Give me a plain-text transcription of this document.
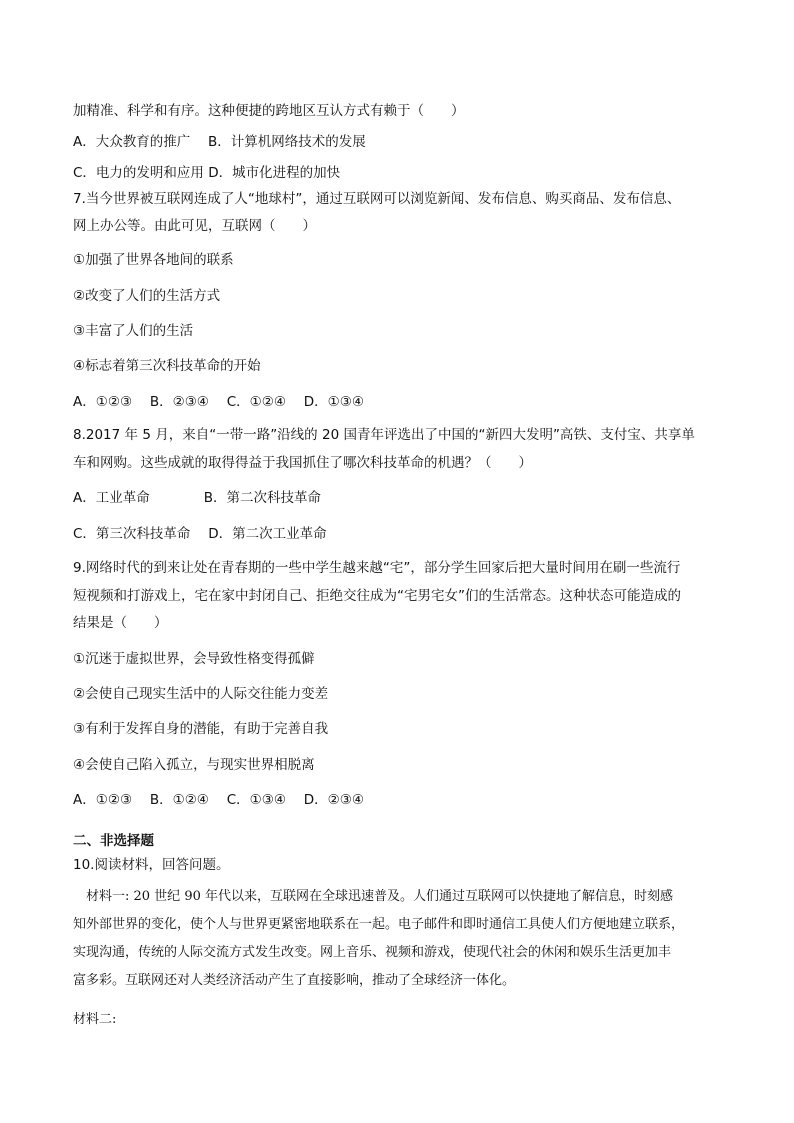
加精准、科学和有序。这种便捷的跨地区互认方式有赖于（　　）
A．大众教育的推广　 B．计算机网络技术的发展
C．电力的发明和应用 D．城市化进程的加快
7.当今世界被互联网连成了人“地球村”，通过互联网可以浏览新闻、发布信息、购买商品、发布信息、
网上办公等。由此可见，互联网（　　）
①加强了世界各地间的联系
②改变了人们的生活方式
③丰富了人们的生活
④标志着第三次科技革命的开始
A．①②③　 B．②③④　 C．①②④　 D．①③④
8.2017 年 5 月，来自“一带一路”沿线的 20 国青年评选出了中国的“新四大发明”高铁、支付宝、共享单
车和网购。这些成就的取得得益于我国抓住了哪次科技革命的机遇？（　　）
A．工业革命　　　　B．第二次科技革命
C．第三次科技革命　 D．第二次工业革命
9.网络时代的到来让处在青春期的一些中学生越来越“宅”，部分学生回家后把大量时间用在刷一些流行
短视频和打游戏上，宅在家中封闭自己、拒绝交往成为“宅男宅女”们的生活常态。这种状态可能造成的
结果是（　　）
①沉迷于虚拟世界，会导致性格变得孤僻
②会使自己现实生活中的人际交往能力变差
③有利于发挥自身的潜能，有助于完善自我
④会使自己陷入孤立，与现实世界相脱离
A．①②③　 B．①②④　 C．①③④　 D．②③④
二、非选择题
10.阅读材料，回答问题。
　材料一: 20 世纪 90 年代以来，互联网在全球迅速普及。人们通过互联网可以快捷地了解信息，时刻感
知外部世界的变化，使个人与世界更紧密地联系在一起。电子邮件和即时通信工具使人们方便地建立联系，
实现沟通，传统的人际交流方式发生改变。网上音乐、视频和游戏，使现代社会的休闲和娱乐生活更加丰
富多彩。互联网还对人类经济活动产生了直接影响，推动了全球经济一体化。
材料二:
